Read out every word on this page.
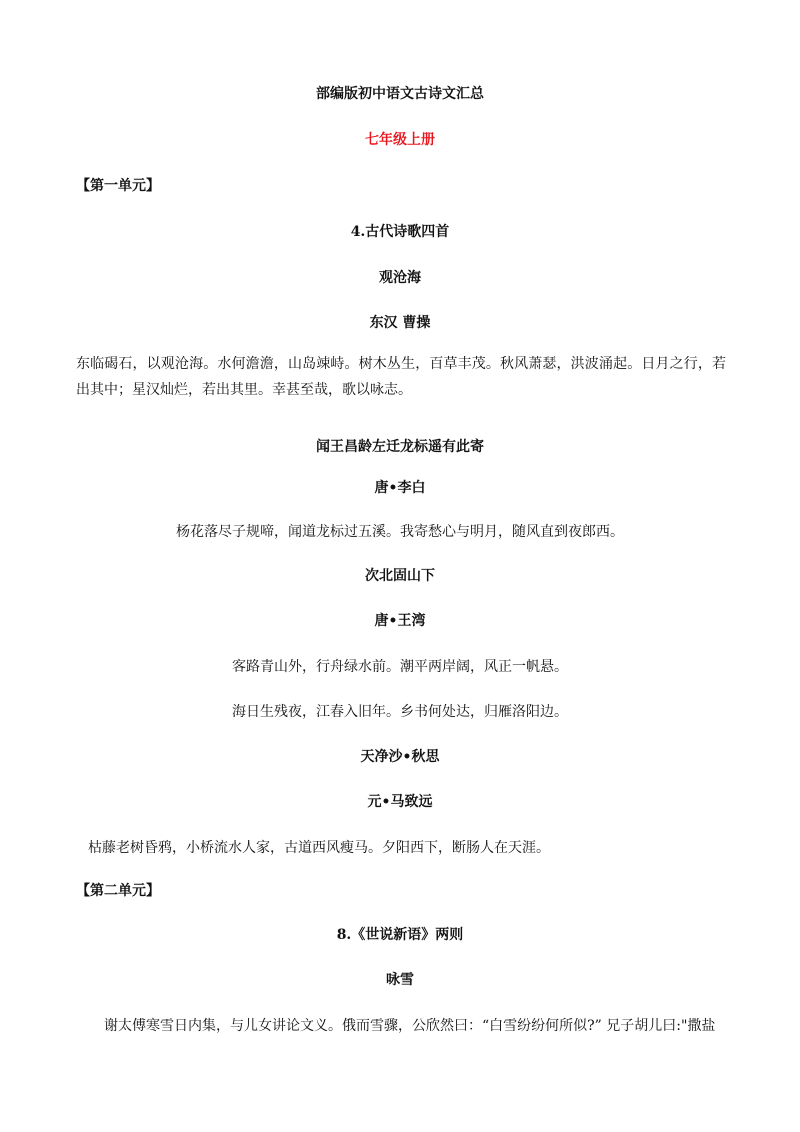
部编版初中语文古诗文汇总
七年级上册
【第一单元】
4.古代诗歌四首
观沧海
东汉 曹操
东临碣石，以观沧海。水何澹澹，山岛竦峙。树木丛生，百草丰茂。秋风萧瑟，洪波涌起。日月之行，若出其中；星汉灿烂，若出其里。幸甚至哉，歌以咏志。
闻王昌龄左迁龙标遥有此寄
唐•李白
杨花落尽子规啼，闻道龙标过五溪。我寄愁心与明月，随风直到夜郎西。
次北固山下
唐•王湾
客路青山外，行舟绿水前。潮平两岸阔，风正一帆悬。
海日生残夜，江春入旧年。乡书何处达，归雁洛阳边。
天净沙•秋思
元•马致远
枯藤老树昏鸦，小桥流水人家，古道西风瘦马。夕阳西下，断肠人在天涯。
【第二单元】
8.《世说新语》两则
咏雪
谢太傅寒雪日内集，与儿女讲论文义。俄而雪骤，公欣然曰：“白雪纷纷何所似?” 兄子胡儿曰:"撒盐
